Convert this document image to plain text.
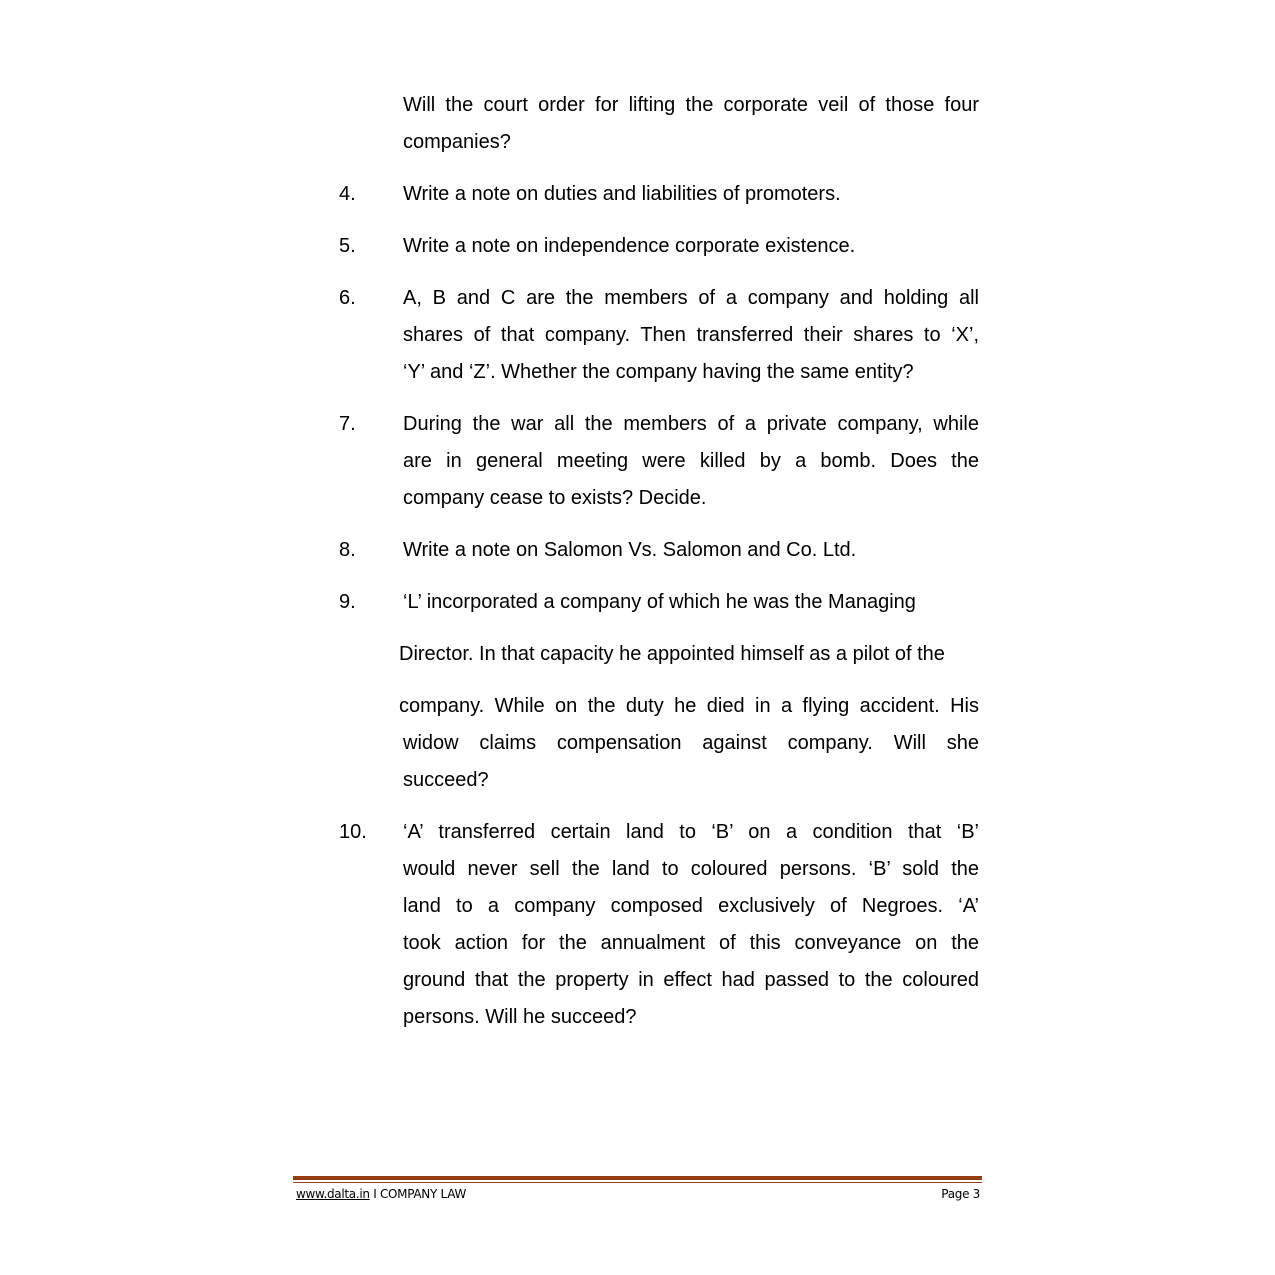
Will the court order for lifting the corporate veil of those four
companies?
4. Write a note on duties and liabilities of promoters.
5. Write a note on independence corporate existence.
6. A, B and C are the members of a company and holding all
shares of that company. Then transferred their shares to ‘X’,
‘Y’ and ‘Z’. Whether the company having the same entity?
7. During the war all the members of a private company, while
are in general meeting were killed by a bomb. Does the
company cease to exists? Decide.
8. Write a note on Salomon Vs. Salomon and Co. Ltd.
9. ‘L’ incorporated a company of which he was the Managing
Director. In that capacity he appointed himself as a pilot of the
company. While on the duty he died in a flying accident. His
widow claims compensation against company. Will she
succeed?
10. ‘A’ transferred certain land to ‘B’ on a condition that ‘B’
would never sell the land to coloured persons. ‘B’ sold the
land to a company composed exclusively of Negroes. ‘A’
took action for the annualment of this conveyance on the
ground that the property in effect had passed to the coloured
persons. Will he succeed?
www.dalta.in I COMPANY LAW	Page 3
